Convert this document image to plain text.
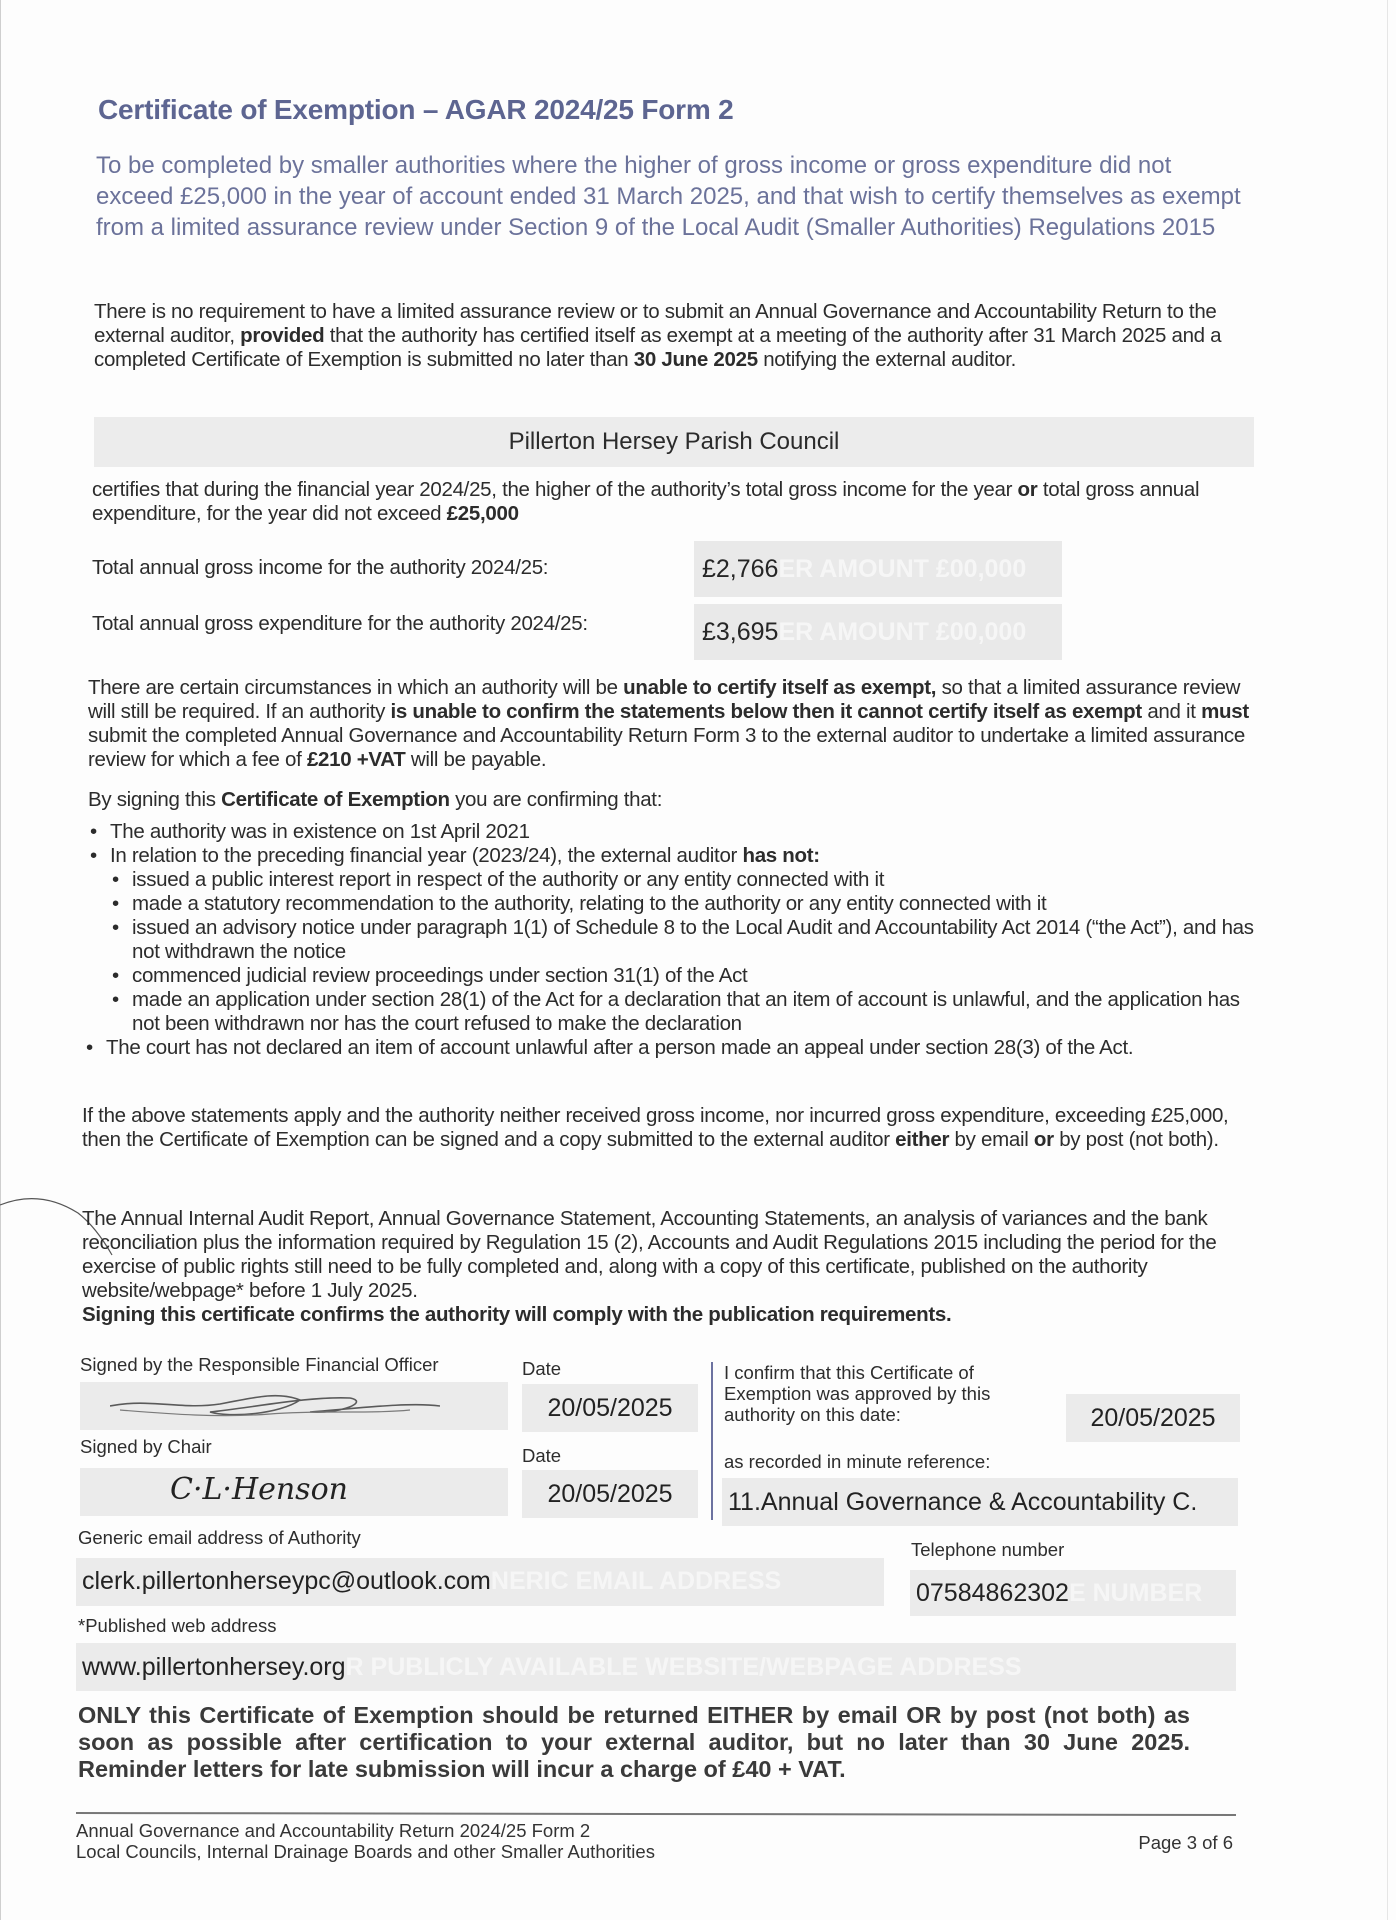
Certificate of Exemption – AGAR 2024/25 Form 2
To be completed by smaller authorities where the higher of gross income or gross expenditure did not exceed £25,000 in the year of account ended 31 March 2025, and that wish to certify themselves as exempt from a limited assurance review under Section 9 of the Local Audit (Smaller Authorities) Regulations 2015
There is no requirement to have a limited assurance review or to submit an Annual Governance and Accountability Return to the external auditor, provided that the authority has certified itself as exempt at a meeting of the authority after 31 March 2025 and a completed Certificate of Exemption is submitted no later than 30 June 2025 notifying the external auditor.
Pillerton Hersey Parish Council
certifies that during the financial year 2024/25, the higher of the authority’s total gross income for the year or total gross annual expenditure, for the year did not exceed £25,000
Total annual gross income for the authority 2024/25:	£2,766ER AMOUNT £00,000
Total annual gross expenditure for the authority 2024/25:	£3,695ER AMOUNT £00,000
There are certain circumstances in which an authority will be unable to certify itself as exempt, so that a limited assurance review will still be required. If an authority is unable to confirm the statements below then it cannot certify itself as exempt and it must submit the completed Annual Governance and Accountability Return Form 3 to the external auditor to undertake a limited assurance review for which a fee of £210 +VAT will be payable.
By signing this Certificate of Exemption you are confirming that:
• The authority was in existence on 1st April 2021
• In relation to the preceding financial year (2023/24), the external auditor has not:
• issued a public interest report in respect of the authority or any entity connected with it
• made a statutory recommendation to the authority, relating to the authority or any entity connected with it
• issued an advisory notice under paragraph 1(1) of Schedule 8 to the Local Audit and Accountability Act 2014 (“the Act”), and has not withdrawn the notice
• commenced judicial review proceedings under section 31(1) of the Act
• made an application under section 28(1) of the Act for a declaration that an item of account is unlawful, and the application has not been withdrawn nor has the court refused to make the declaration
• The court has not declared an item of account unlawful after a person made an appeal under section 28(3) of the Act.
If the above statements apply and the authority neither received gross income, nor incurred gross expenditure, exceeding £25,000, then the Certificate of Exemption can be signed and a copy submitted to the external auditor either by email or by post (not both).
The Annual Internal Audit Report, Annual Governance Statement, Accounting Statements, an analysis of variances and the bank reconciliation plus the information required by Regulation 15 (2), Accounts and Audit Regulations 2015 including the period for the exercise of public rights still need to be fully completed and, along with a copy of this certificate, published on the authority website/webpage* before 1 July 2025.
Signing this certificate confirms the authority will comply with the publication requirements.
Signed by the Responsible Financial Officer	Date
20/05/2025
Signed by Chair	Date
C·L·Henson	20/05/2025
I confirm that this Certificate of Exemption was approved by this authority on this date:	20/05/2025
as recorded in minute reference:
11.Annual Governance & Accountability C.
Generic email address of Authority
clerk.pillertonherseypc@outlook.comNERIC EMAIL ADDRESS
Telephone number
07584862302E NUMBER
*Published web address
www.pillertonhersey.orgR PUBLICLY AVAILABLE WEBSITE/WEBPAGE ADDRESS
ONLY this Certificate of Exemption should be returned EITHER by email OR by post (not both) as soon as possible after certification to your external auditor, but no later than 30 June 2025. Reminder letters for late submission will incur a charge of £40 + VAT.
Annual Governance and Accountability Return 2024/25 Form 2
Local Councils, Internal Drainage Boards and other Smaller Authorities	Page 3 of 6
